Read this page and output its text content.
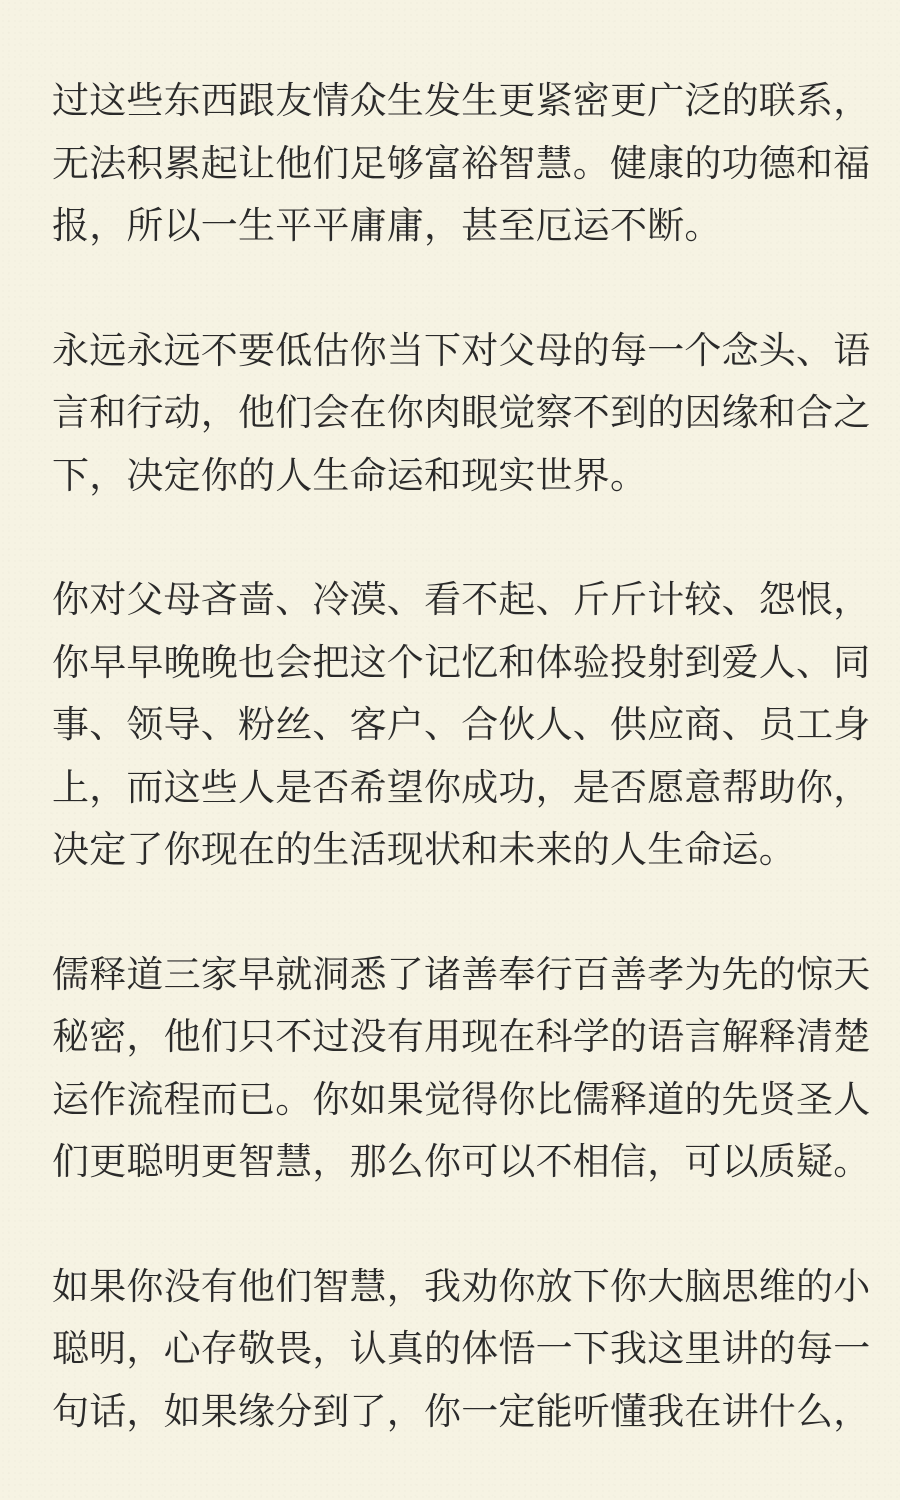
过这些东西跟友情众生发生更紧密更广泛的联系，
无法积累起让他们足够富裕智慧。健康的功德和福
报，所以一生平平庸庸，甚至厄运不断。
永远永远不要低估你当下对父母的每一个念头、语
言和行动，他们会在你肉眼觉察不到的因缘和合之
下，决定你的人生命运和现实世界。
你对父母吝啬、冷漠、看不起、斤斤计较、怨恨，
你早早晚晚也会把这个记忆和体验投射到爱人、同
事、领导、粉丝、客户、合伙人、供应商、员工身
上，而这些人是否希望你成功，是否愿意帮助你，
决定了你现在的生活现状和未来的人生命运。
儒释道三家早就洞悉了诸善奉行百善孝为先的惊天
秘密，他们只不过没有用现在科学的语言解释清楚
运作流程而已。你如果觉得你比儒释道的先贤圣人
们更聪明更智慧，那么你可以不相信，可以质疑。
如果你没有他们智慧，我劝你放下你大脑思维的小
聪明，心存敬畏，认真的体悟一下我这里讲的每一
句话，如果缘分到了，你一定能听懂我在讲什么，
